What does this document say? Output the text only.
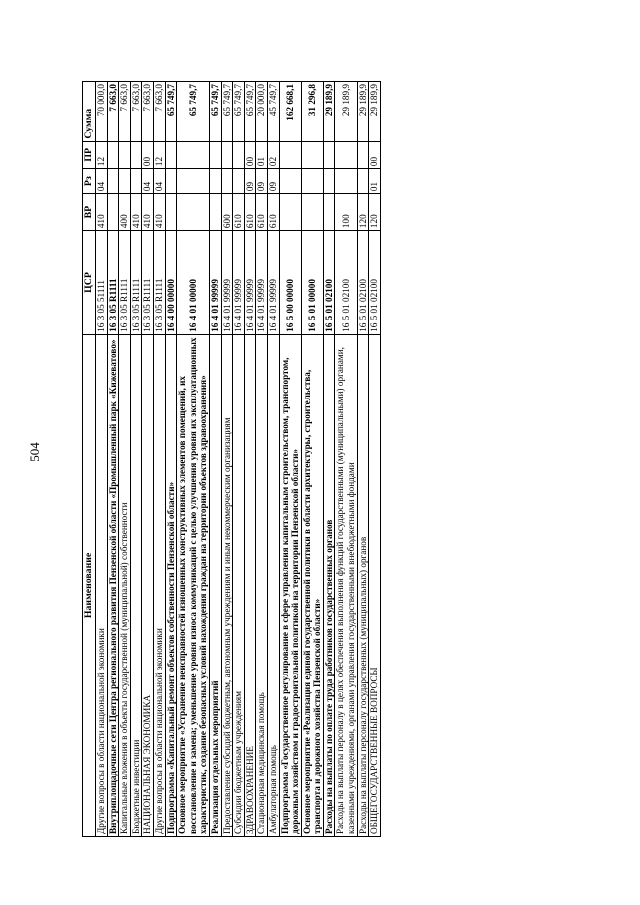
504
Наименование	ЦСР	ВР	Рз	ПР	Сумма
Другие вопросы в области национальной экономики	16 3 05 51111	410	04	12	70 000,0
Внутриплощадочные сети Центра регионального развития Пензенской области «Промышленный парк «Кижеватово»	16 3 05 R1111				7 663,0
Капитальные вложения в объекты государственной (муниципальной) собственности	16 3 05 R1111	400			7 663,0
Бюджетные инвестиции	16 3 05 R1111	410			7 663,0
НАЦИОНАЛЬНАЯ ЭКОНОМИКА	16 3 05 R1111	410	04	00	7 663,0
Другие вопросы в области национальной экономики	16 3 05 R1111	410	04	12	7 663,0
Подпрограмма «Капитальный ремонт объектов собственности Пензенской области»	16 4 00 00000				65 749,7
Основное мероприятие «Устранение неисправностей изношенных конструктивных элементов помещений, их восстановление и замена; уменьшение уровня износа коммуникаций с целью улучшения уровня их эксплуатационных характеристик, создание безопасных условий нахождения граждан на территории объектов здравоохранения»	16 4 01 00000				65 749,7
Реализация отдельных мероприятий	16 4 01 99999				65 749,7
Предоставление субсидий бюджетным, автономным учреждениям и иным некоммерческим организациям	16 4 01 99999	600			65 749,7
Субсидии бюджетным учреждениям	16 4 01 99999	610			65 749,7
ЗДРАВООХРАНЕНИЕ	16 4 01 99999	610	09	00	65 749,7
Стационарная медицинская помощь	16 4 01 99999	610	09	01	20 000,0
Амбулаторная помощь	16 4 01 99999	610	09	02	45 749,7
Подпрограмма «Государственное регулирование в сфере управления капитальным строительством, транспортом, дорожным хозяйством и градостроительной политикой на территории Пензенской области»	16 5 00 00000				162 668,1
Основное мероприятие «Реализация единой государственной политики в области архитектуры, строительства, транспорта и дорожного хозяйства Пензенской области»	16 5 01 00000				31 296,8
Расходы на выплаты по оплате труда работников государственных органов	16 5 01 02100				29 189,9
Расходы на выплаты персоналу в целях обеспечения выполнения функций государственными (муниципальными) органами, казенными учреждениями, органами управления государственными внебюджетными фондами	16 5 01 02100	100			29 189,9
Расходы на выплаты персоналу государственных (муниципальных) органов	16 5 01 02100	120			29 189,9
ОБЩЕГОСУДАРСТВЕННЫЕ ВОПРОСЫ	16 5 01 02100	120	01	00	29 189,9
